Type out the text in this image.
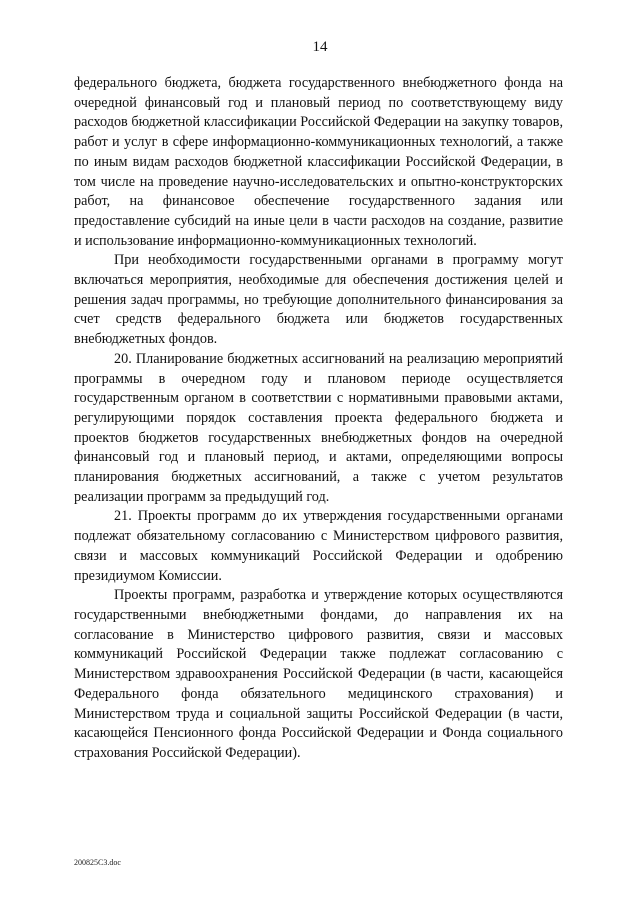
14

федерального бюджета, бюджета государственного внебюджетного фонда на очередной финансовый год и плановый период по соответствующему виду расходов бюджетной классификации Российской Федерации на закупку товаров, работ и услуг в сфере информационно-коммуникационных технологий, а также по иным видам расходов бюджетной классификации Российской Федерации, в том числе на проведение научно-исследовательских и опытно-конструкторских работ, на финансовое обеспечение государственного задания или предоставление субсидий на иные цели в части расходов на создание, развитие и использование информационно-коммуникационных технологий.

При необходимости государственными органами в программу могут включаться мероприятия, необходимые для обеспечения достижения целей и решения задач программы, но требующие дополнительного финансирования за счет средств федерального бюджета или бюджетов государственных внебюджетных фондов.

20. Планирование бюджетных ассигнований на реализацию мероприятий программы в очередном году и плановом периоде осуществляется государственным органом в соответствии с нормативными правовыми актами, регулирующими порядок составления проекта федерального бюджета и проектов бюджетов государственных внебюджетных фондов на очередной финансовый год и плановый период, и актами, определяющими вопросы планирования бюджетных ассигнований, а также с учетом результатов реализации программ за предыдущий год.

21. Проекты программ до их утверждения государственными органами подлежат обязательному согласованию с Министерством цифрового развития, связи и массовых коммуникаций Российской Федерации и одобрению президиумом Комиссии.

Проекты программ, разработка и утверждение которых осуществляются государственными внебюджетными фондами, до направления их на согласование в Министерство цифрового развития, связи и массовых коммуникаций Российской Федерации также подлежат согласованию с Министерством здравоохранения Российской Федерации (в части, касающейся Федерального фонда обязательного медицинского страхования) и Министерством труда и социальной защиты Российской Федерации (в части, касающейся Пенсионного фонда Российской Федерации и Фонда социального страхования Российской Федерации).

200825C3.doc
